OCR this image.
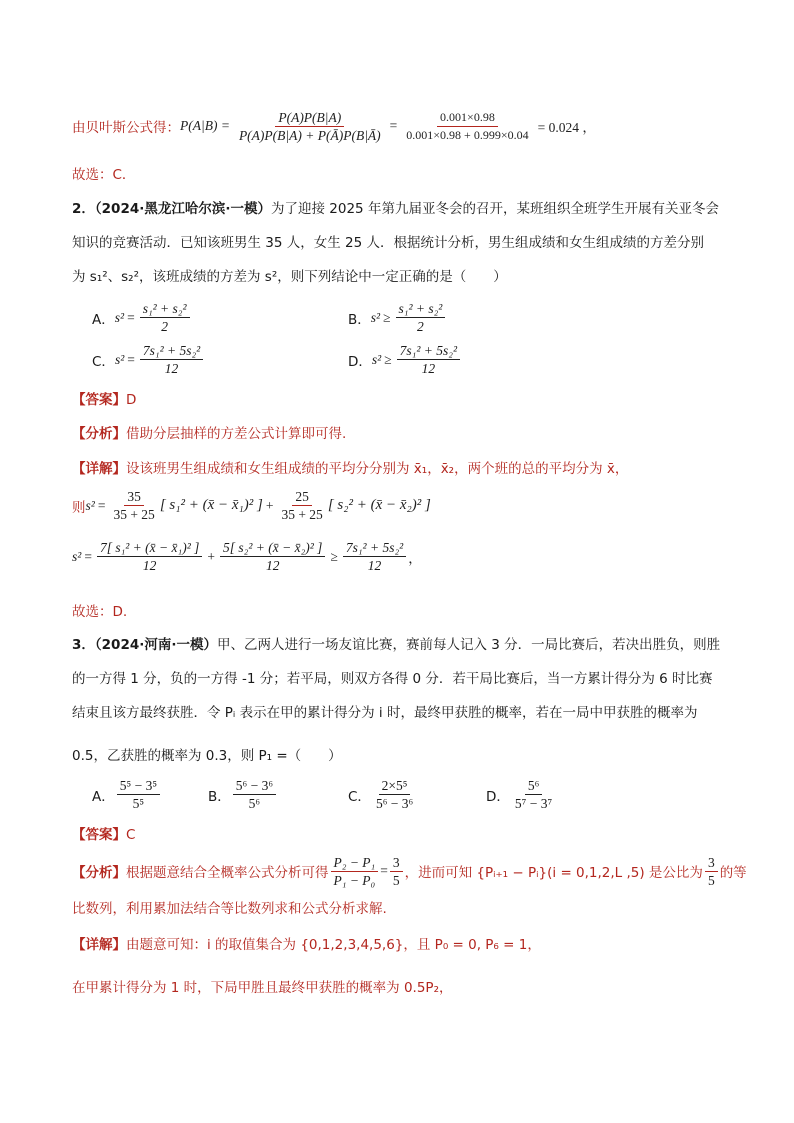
由贝叶斯公式得： $P(A|B) = \frac{P(A)P(B|A)}{P(A)P(B|A) + P(Ā)P(B|Ā)} = \frac{0.001\times 0.98}{0.001\times 0.98 + 0.999\times 0.04} = 0.024$ ，
故选：C．
2．（2024·黑龙江哈尔滨·一模）为了迎接 2025 年第九届亚冬会的召开，某班组织全班学生开展有关亚冬会
知识的竞赛活动．已知该班男生 35 人，女生 25 人．根据统计分析，男生组成绩和女生组成绩的方差分别
为 s₁²、s₂²，该班成绩的方差为 s²，则下列结论中一定正确的是（　　）
A． $s^2 = \frac{\text{s₁² + s₂²}}{2}$	B． $s^2 \ge \frac{\text{s₁² + s₂²}}{2}$
C． $s^2 = \frac{\text{7s₁² + 5s₂²}}{12}$	D． $s^2 \ge \frac{\text{7s₁² + 5s₂²}}{12}$
【答案】D
【分析】借助分层抽样的方差公式计算即可得.
【详解】设该班男生组成绩和女生组成绩的平均分分别为 x̄₁，x̄₂，两个班的总的平均分为 x̄，
则 $s^2 = \frac{35}{35 + 25}$ [ s₁² + (x̄ − x̄₁)² ] + $\frac{25}{35 + 25}$ [ s₂² + (x̄ − x̄₂)² ]
$s^2 = \frac{\text{7[ s₁² + (x̄ − x̄₁)² ]}}{12} + \frac{\text{5[ s₂² + (x̄ − x̄₂)² ]}}{12} \ge \frac{\text{7s₁² + 5s₂²}}{12}$ ，
故选：D.
3．（2024·河南·一模）甲、乙两人进行一场友谊比赛，赛前每人记入 3 分．一局比赛后，若决出胜负，则胜
的一方得 1 分，负的一方得 -1 分；若平局，则双方各得 0 分．若干局比赛后，当一方累计得分为 6 时比赛
结束且该方最终获胜．令 Pᵢ 表示在甲的累计得分为 i 时，最终甲获胜的概率，若在一局中甲获胜的概率为
0.5，乙获胜的概率为 0.3，则 P₁ =（　　）
A． $\frac{\text{5⁵ − 3⁵}}{\text{5⁵}}$	B． $\frac{\text{5⁶ − 3⁶}}{\text{5⁶}}$	C． $\frac{\text{2×5⁵}}{\text{5⁶ − 3⁶}}$	D． $\frac{\text{5⁶}}{\text{5⁷ − 3⁷}}$
【答案】C
【分析】 根据题意结合全概率公式分析可得 $\frac{\text{P₂ − P₁}}{\text{P₁ − P₀}} = \frac{3}{5}$ ，进而可知 {Pᵢ₊₁ − Pᵢ}(i = 0,1,2,L ,5) 是公比为 $\frac{3}{5}$ 的等
比数列，利用累加法结合等比数列求和公式分析求解.
【详解】由题意可知：i 的取值集合为 {0,1,2,3,4,5,6}，且 P₀ = 0, P₆ = 1，
在甲累计得分为 1 时，下局甲胜且最终甲获胜的概率为 0.5P₂，
